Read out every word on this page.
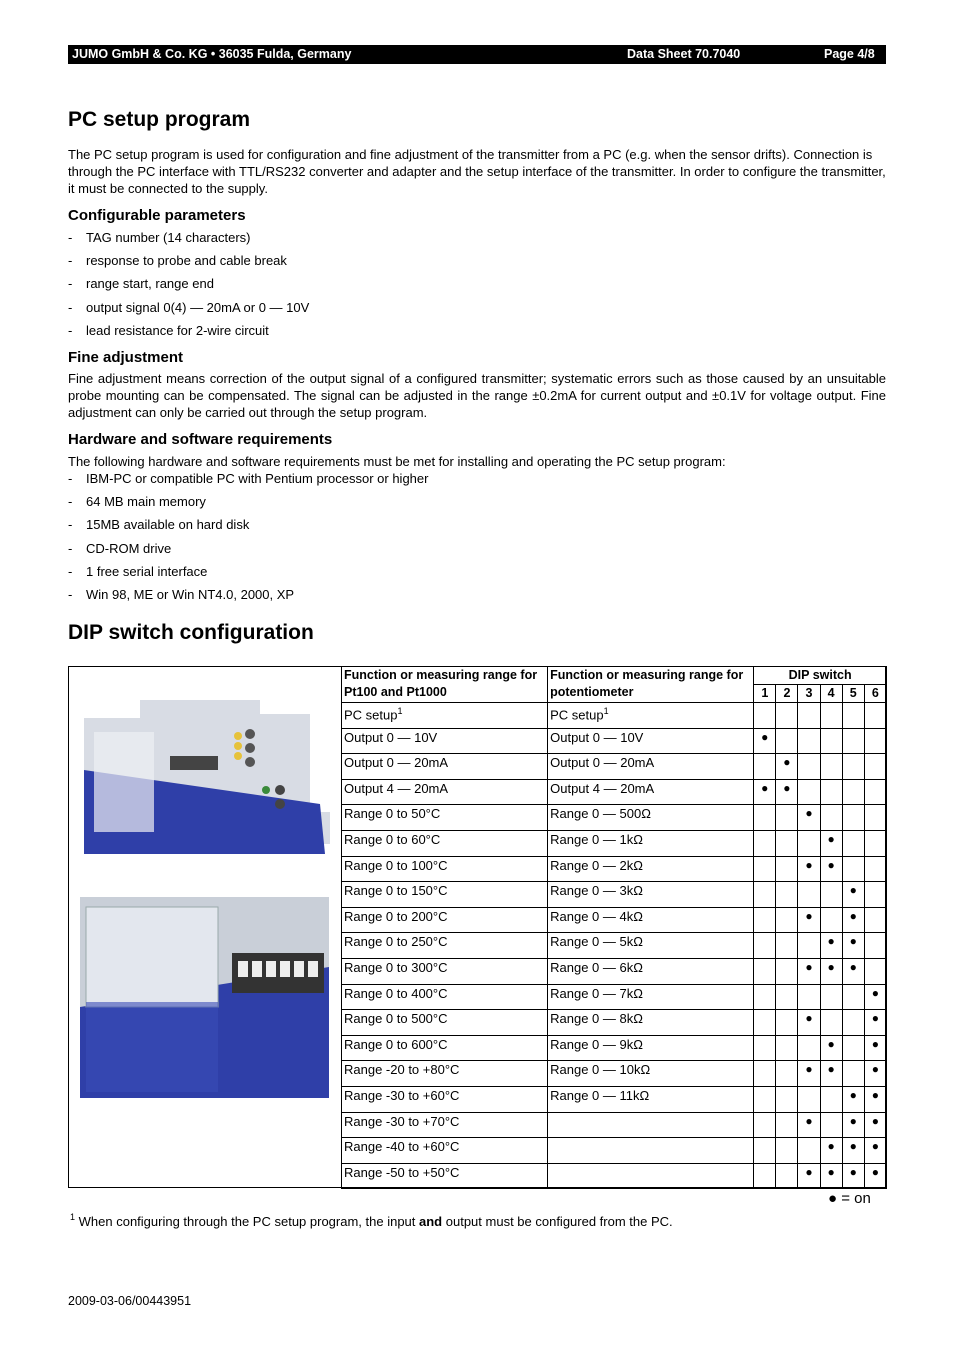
JUMO GmbH & Co. KG • 36035 Fulda, Germany	Data Sheet 70.7040	Page 4/8
PC setup program

The PC setup program is used for configuration and fine adjustment of the transmitter from a PC (e.g. when the sensor drifts). Connection is through the PC interface with TTL/RS232 converter and adapter and the setup interface of the transmitter. In order to configure the transmitter, it must be connected to the supply.

Configurable parameters
- TAG number (14 characters)
- response to probe and cable break
- range start, range end
- output signal 0(4) — 20mA or 0 — 10V
- lead resistance for 2-wire circuit
Fine adjustment

Fine adjustment means correction of the output signal of a configured transmitter; systematic errors such as those caused by an unsuitable probe mounting can be compensated. The signal can be adjusted in the range ±0.2mA for current output and ±0.1V for voltage output. Fine adjustment can only be carried out through the setup program.

Hardware and software requirements

The following hardware and software requirements must be met for installing and operating the PC setup program:

- IBM-PC or compatible PC with Pentium processor or higher
- 64 MB main memory
- 15MB available on hard disk
- CD-ROM drive
- 1 free serial interface
- Win 98, ME or Win NT4.0, 2000, XP
DIP switch configuration
Function or measuring range for Pt100 and Pt1000	Function or measuring range for potentiometer	DIP switch					
		1	2	3	4	5	6
PC setup$^1$	PC setup$^1$						
Output 0 — 10V	Output 0 — 10V	●					
Output 0 — 20mA	Output 0 — 20mA		●				
Output 4 — 20mA	Output 4 — 20mA	●	●				
Range 0 to 50°C	Range 0 — 500Ω			●			
Range 0 to 60°C	Range 0 — 1kΩ				●		
Range 0 to 100°C	Range 0 — 2kΩ			●	●		
Range 0 to 150°C	Range 0 — 3kΩ					●	
Range 0 to 200°C	Range 0 — 4kΩ			●		●	
Range 0 to 250°C	Range 0 — 5kΩ				●	●	
Range 0 to 300°C	Range 0 — 6kΩ			●	●	●	
Range 0 to 400°C	Range 0 — 7kΩ						●
Range 0 to 500°C	Range 0 — 8kΩ			●			●
Range 0 to 600°C	Range 0 — 9kΩ				●		●
Range -20 to +80°C	Range 0 — 10kΩ			●	●		●
Range -30 to +60°C	Range 0 — 11kΩ					●	●
Range -30 to +70°C				●		●	●
Range -40 to +60°C					●	●	●
Range -50 to +50°C				●	●	●	●
● = on
$^1$ When configuring through the PC setup program, the input and output must be configured from the PC.
2009-03-06/00443951
